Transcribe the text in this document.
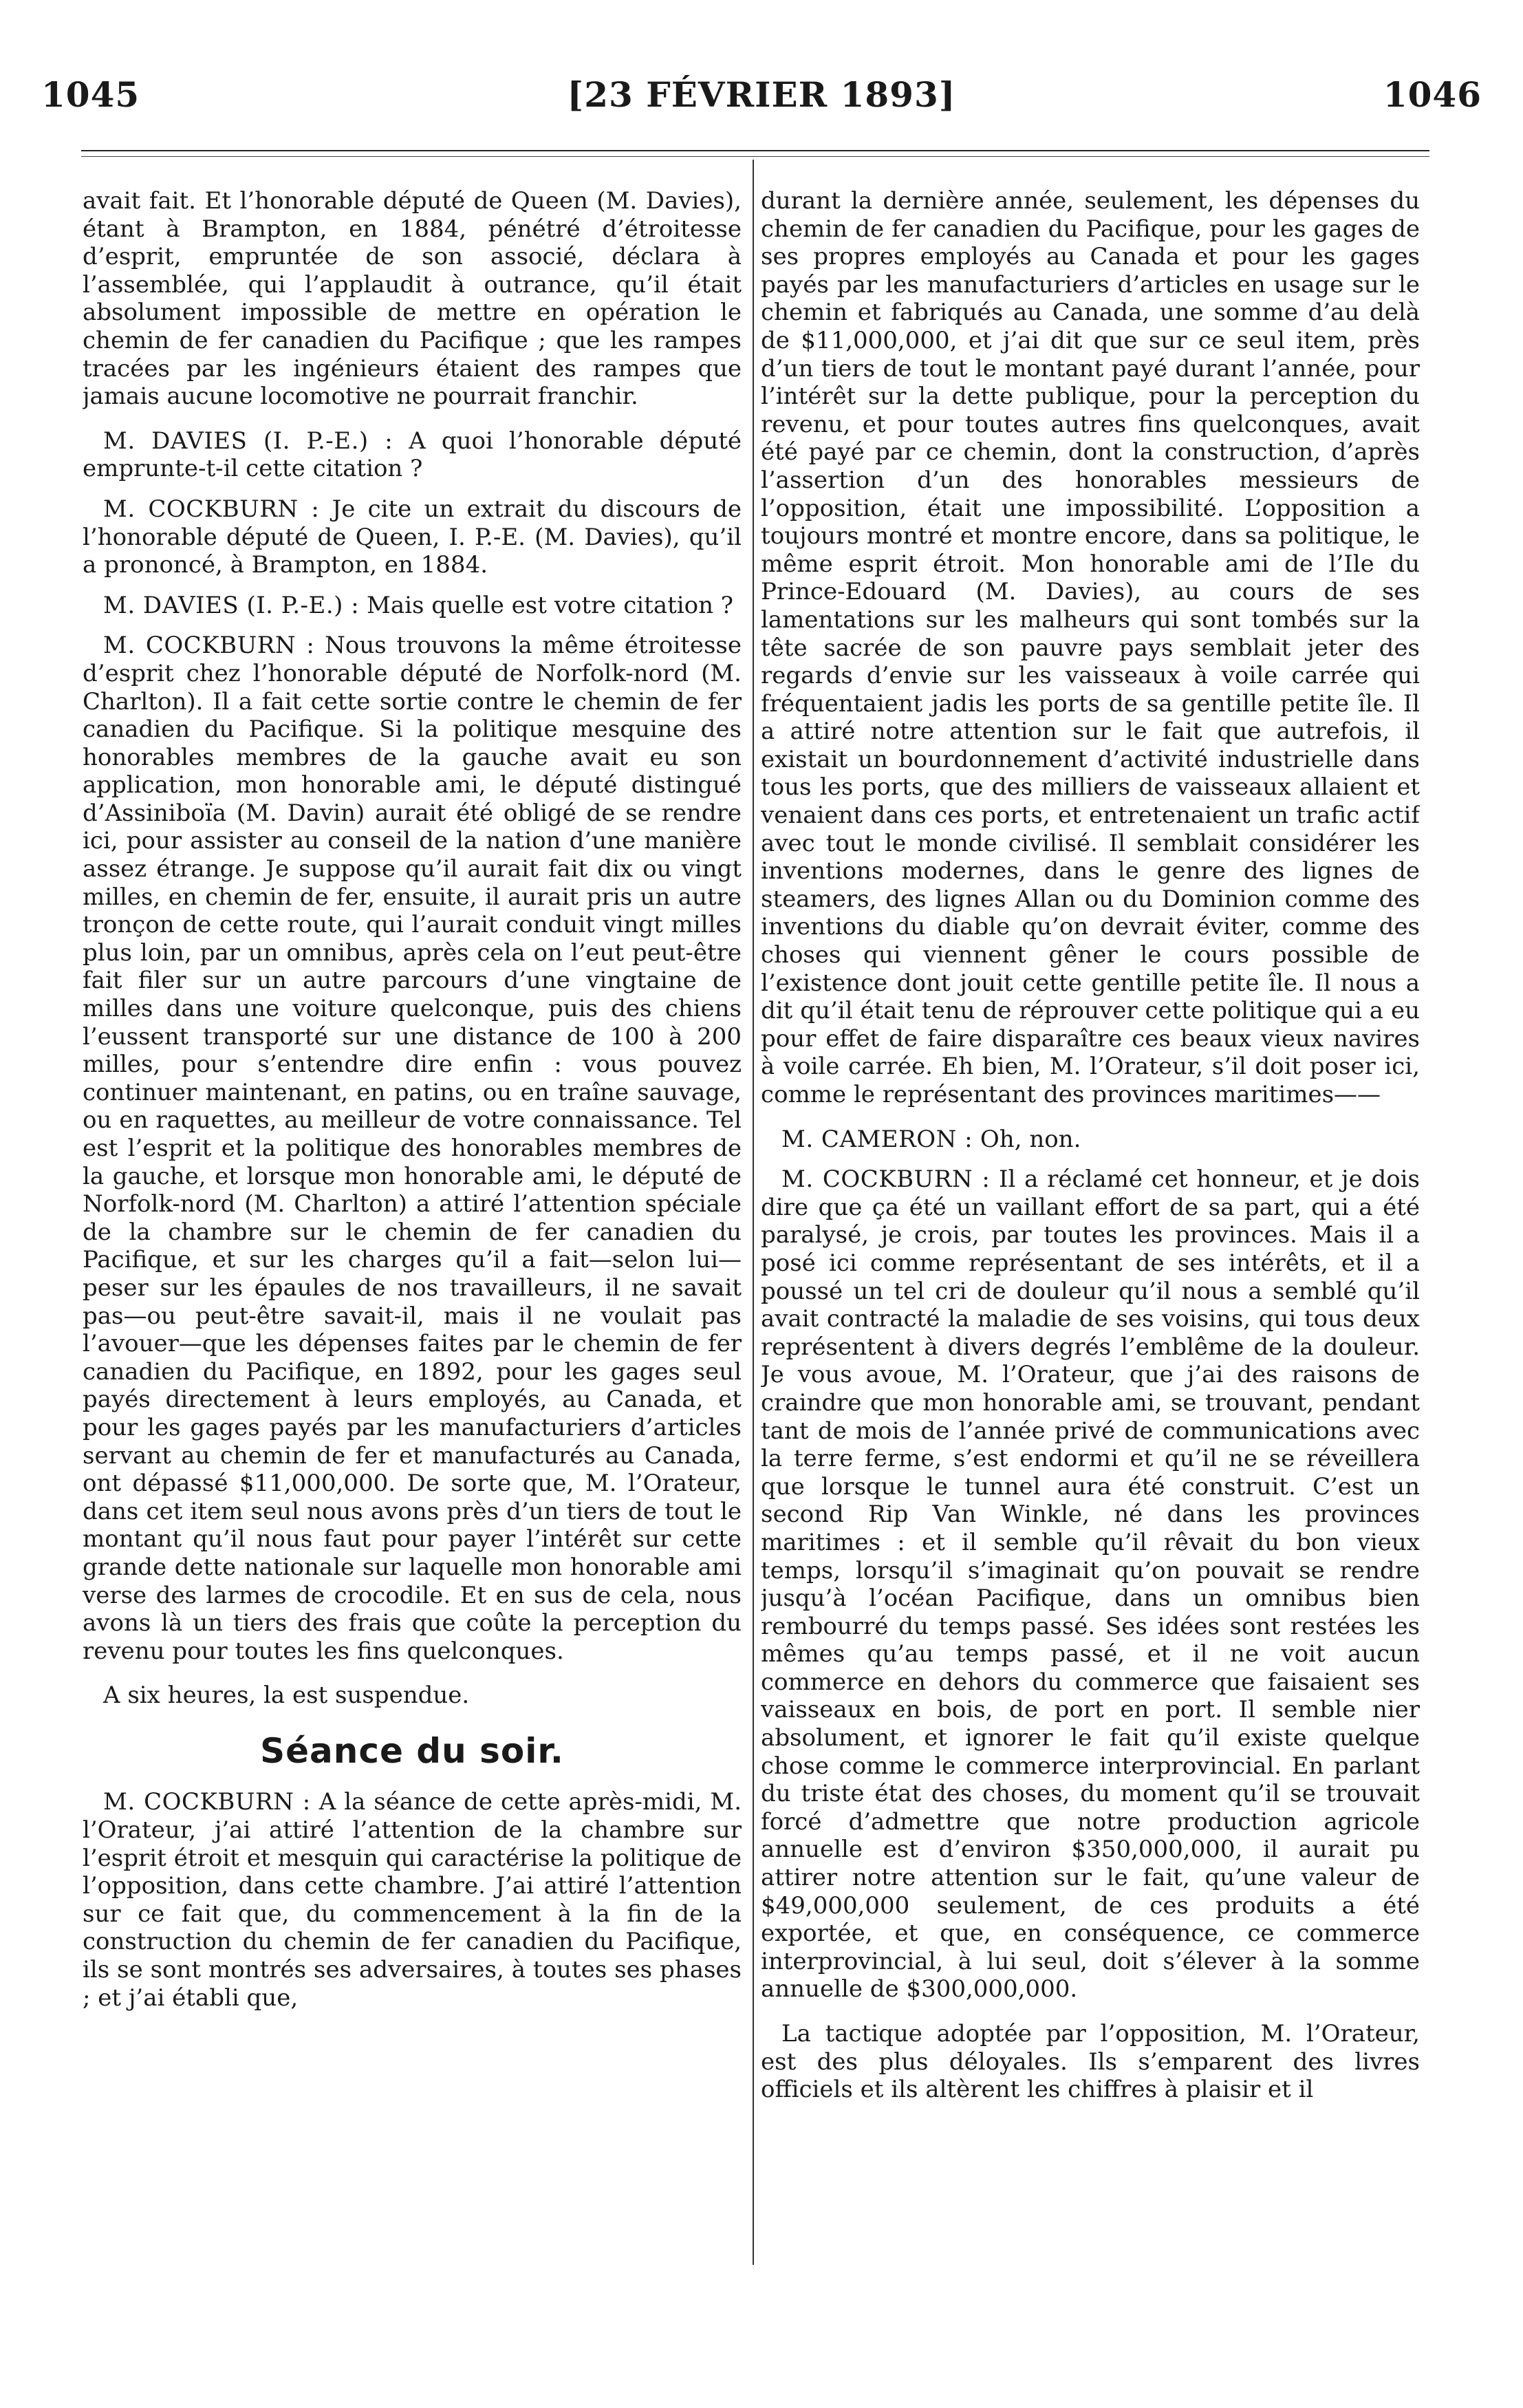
1045	[23 FÉVRIER 1893]	1046

avait fait. Et l’honorable député de Queen (M. Davies), étant à Brampton, en 1884, pénétré d’étroitesse d’esprit, empruntée de son associé, déclara à l’assemblée, qui l’applaudit à outrance, qu’il était absolument impossible de mettre en opération le chemin de fer canadien du Pacifique ; que les rampes tracées par les ingénieurs étaient des rampes que jamais aucune locomotive ne pourrait franchir.

M. DAVIES (I. P.-E.) : A quoi l’honorable député emprunte-t-il cette citation ?

M. COCKBURN : Je cite un extrait du discours de l’honorable député de Queen, I. P.-E. (M. Davies), qu’il a prononcé, à Brampton, en 1884.

M. DAVIES (I. P.-E.) : Mais quelle est votre citation ?

M. COCKBURN : Nous trouvons la même étroitesse d’esprit chez l’honorable député de Norfolk-nord (M. Charlton). Il a fait cette sortie contre le chemin de fer canadien du Pacifique. Si la politique mesquine des honorables membres de la gauche avait eu son application, mon honorable ami, le député distingué d’Assiniboïa (M. Davin) aurait été obligé de se rendre ici, pour assister au conseil de la nation d’une manière assez étrange. Je suppose qu’il aurait fait dix ou vingt milles, en chemin de fer, ensuite, il aurait pris un autre tronçon de cette route, qui l’aurait conduit vingt milles plus loin, par un omnibus, après cela on l’eut peut-être fait filer sur un autre parcours d’une vingtaine de milles dans une voiture quelconque, puis des chiens l’eussent transporté sur une distance de 100 à 200 milles, pour s’entendre dire enfin : vous pouvez continuer maintenant, en patins, ou en traîne sauvage, ou en raquettes, au meilleur de votre connaissance. Tel est l’esprit et la politique des honorables membres de la gauche, et lorsque mon honorable ami, le député de Norfolk-nord (M. Charlton) a attiré l’attention spéciale de la chambre sur le chemin de fer canadien du Pacifique, et sur les charges qu’il a fait—selon lui—peser sur les épaules de nos travailleurs, il ne savait pas—ou peut-être savait-il, mais il ne voulait pas l’avouer—que les dépenses faites par le chemin de fer canadien du Pacifique, en 1892, pour les gages seul payés directement à leurs employés, au Canada, et pour les gages payés par les manufacturiers d’articles servant au chemin de fer et manufacturés au Canada, ont dépassé $11,000,000. De sorte que, M. l’Orateur, dans cet item seul nous avons près d’un tiers de tout le montant qu’il nous faut pour payer l’intérêt sur cette grande dette nationale sur laquelle mon honorable ami verse des larmes de crocodile. Et en sus de cela, nous avons là un tiers des frais que coûte la perception du revenu pour toutes les fins quelconques.

A six heures, la est suspendue.

Séance du soir.

M. COCKBURN : A la séance de cette après-midi, M. l’Orateur, j’ai attiré l’attention de la chambre sur l’esprit étroit et mesquin qui caractérise la politique de l’opposition, dans cette chambre. J’ai attiré l’attention sur ce fait que, du commencement à la fin de la construction du chemin de fer canadien du Pacifique, ils se sont montrés ses adversaires, à toutes ses phases ; et j’ai établi que,

durant la dernière année, seulement, les dépenses du chemin de fer canadien du Pacifique, pour les gages de ses propres employés au Canada et pour les gages payés par les manufacturiers d’articles en usage sur le chemin et fabriqués au Canada, une somme d’au delà de $11,000,000, et j’ai dit que sur ce seul item, près d’un tiers de tout le montant payé durant l’année, pour l’intérêt sur la dette publique, pour la perception du revenu, et pour toutes autres fins quelconques, avait été payé par ce chemin, dont la construction, d’après l’assertion d’un des honorables messieurs de l’opposition, était une impossibilité. L’opposition a toujours montré et montre encore, dans sa politique, le même esprit étroit. Mon honorable ami de l’Ile du Prince-Edouard (M. Davies), au cours de ses lamentations sur les malheurs qui sont tombés sur la tête sacrée de son pauvre pays semblait jeter des regards d’envie sur les vaisseaux à voile carrée qui fréquentaient jadis les ports de sa gentille petite île. Il a attiré notre attention sur le fait que autrefois, il existait un bourdonnement d’activité industrielle dans tous les ports, que des milliers de vaisseaux allaient et venaient dans ces ports, et entretenaient un trafic actif avec tout le monde civilisé. Il semblait considérer les inventions modernes, dans le genre des lignes de steamers, des lignes Allan ou du Dominion comme des inventions du diable qu’on devrait éviter, comme des choses qui viennent gêner le cours possible de l’existence dont jouit cette gentille petite île. Il nous a dit qu’il était tenu de réprouver cette politique qui a eu pour effet de faire disparaître ces beaux vieux navires à voile carrée. Eh bien, M. l’Orateur, s’il doit poser ici, comme le représentant des provinces maritimes——

M. CAMERON : Oh, non.

M. COCKBURN : Il a réclamé cet honneur, et je dois dire que ça été un vaillant effort de sa part, qui a été paralysé, je crois, par toutes les provinces. Mais il a posé ici comme représentant de ses intérêts, et il a poussé un tel cri de douleur qu’il nous a semblé qu’il avait contracté la maladie de ses voisins, qui tous deux représentent à divers degrés l’emblême de la douleur. Je vous avoue, M. l’Orateur, que j’ai des raisons de craindre que mon honorable ami, se trouvant, pendant tant de mois de l’année privé de communications avec la terre ferme, s’est endormi et qu’il ne se réveillera que lorsque le tunnel aura été construit. C’est un second Rip Van Winkle, né dans les provinces maritimes : et il semble qu’il rêvait du bon vieux temps, lorsqu’il s’imaginait qu’on pouvait se rendre jusqu’à l’océan Pacifique, dans un omnibus bien rembourré du temps passé. Ses idées sont restées les mêmes qu’au temps passé, et il ne voit aucun commerce en dehors du commerce que faisaient ses vaisseaux en bois, de port en port. Il semble nier absolument, et ignorer le fait qu’il existe quelque chose comme le commerce interprovincial. En parlant du triste état des choses, du moment qu’il se trouvait forcé d’admettre que notre production agricole annuelle est d’environ $350,000,000, il aurait pu attirer notre attention sur le fait, qu’une valeur de $49,000,000 seulement, de ces produits a été exportée, et que, en conséquence, ce commerce interprovincial, à lui seul, doit s’élever à la somme annuelle de $300,000,000.

La tactique adoptée par l’opposition, M. l’Orateur, est des plus déloyales. Ils s’emparent des livres officiels et ils altèrent les chiffres à plaisir et il
